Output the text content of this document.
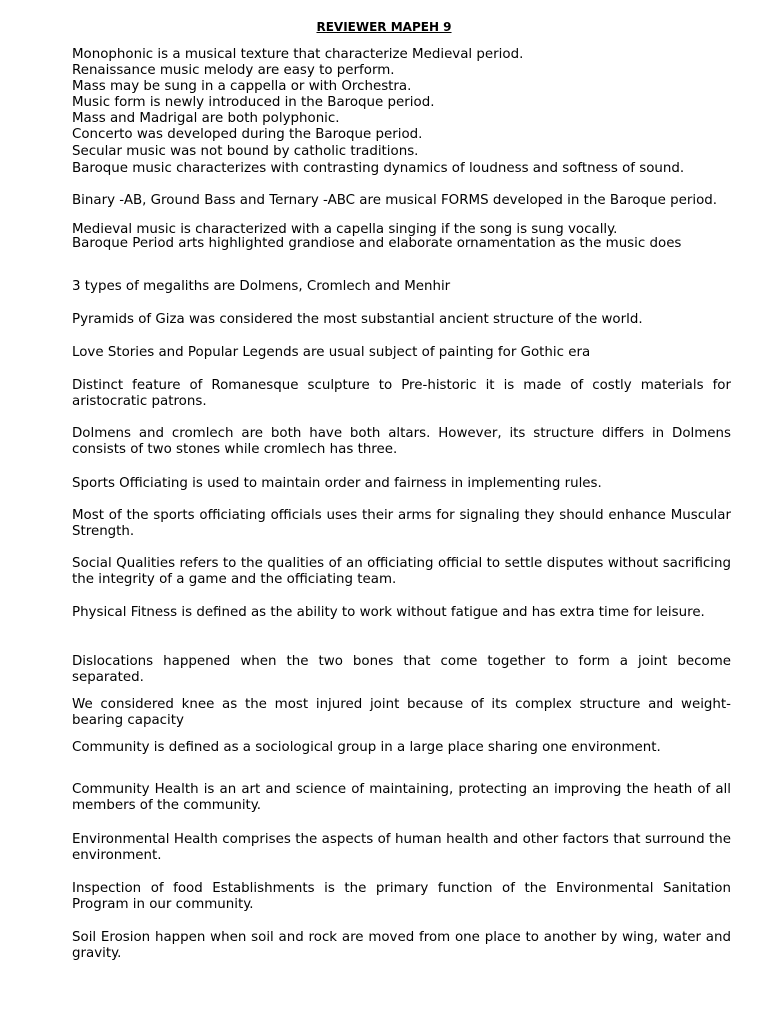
REVIEWER MAPEH 9

Monophonic is a musical texture that characterize Medieval period.

Renaissance music melody are easy to perform.

Mass may be sung in a cappella or with Orchestra.

Music form is newly introduced in the Baroque period.

Mass and Madrigal are both polyphonic.

Concerto was developed during the Baroque period.

Secular music was not bound by catholic traditions.

Baroque music characterizes with contrasting dynamics of loudness and softness of sound.

Binary -AB, Ground Bass and Ternary -ABC are musical FORMS developed in the Baroque period.

Medieval music is characterized with a capella singing if the song is sung vocally.

Baroque Period arts highlighted grandiose and elaborate ornamentation as the music does

3 types of megaliths are Dolmens, Cromlech and Menhir

Pyramids of Giza was considered the most substantial ancient structure of the world.

Love Stories and Popular Legends are usual subject of painting for Gothic era

Distinct feature of Romanesque sculpture to Pre-historic it is made of costly materials for aristocratic patrons.

Dolmens and cromlech are both have both altars. However, its structure differs in Dolmens consists of two stones while cromlech has three.

Sports Officiating is used to maintain order and fairness in implementing rules.

Most of the sports officiating officials uses their arms for signaling they should enhance Muscular Strength.

Social Qualities refers to the qualities of an officiating official to settle disputes without sacrificing the integrity of a game and the officiating team.

Physical Fitness is defined as the ability to work without fatigue and has extra time for leisure.

Dislocations happened when the two bones that come together to form a joint become separated.

We considered knee as the most injured joint because of its complex structure and weight-bearing capacity

Community is defined as a sociological group in a large place sharing one environment.

Community Health is an art and science of maintaining, protecting an improving the heath of all members of the community.

Environmental Health comprises the aspects of human health and other factors that surround the environment.

Inspection of food Establishments is the primary function of the Environmental Sanitation Program in our community.

Soil Erosion happen when soil and rock are moved from one place to another by wing, water and gravity.
